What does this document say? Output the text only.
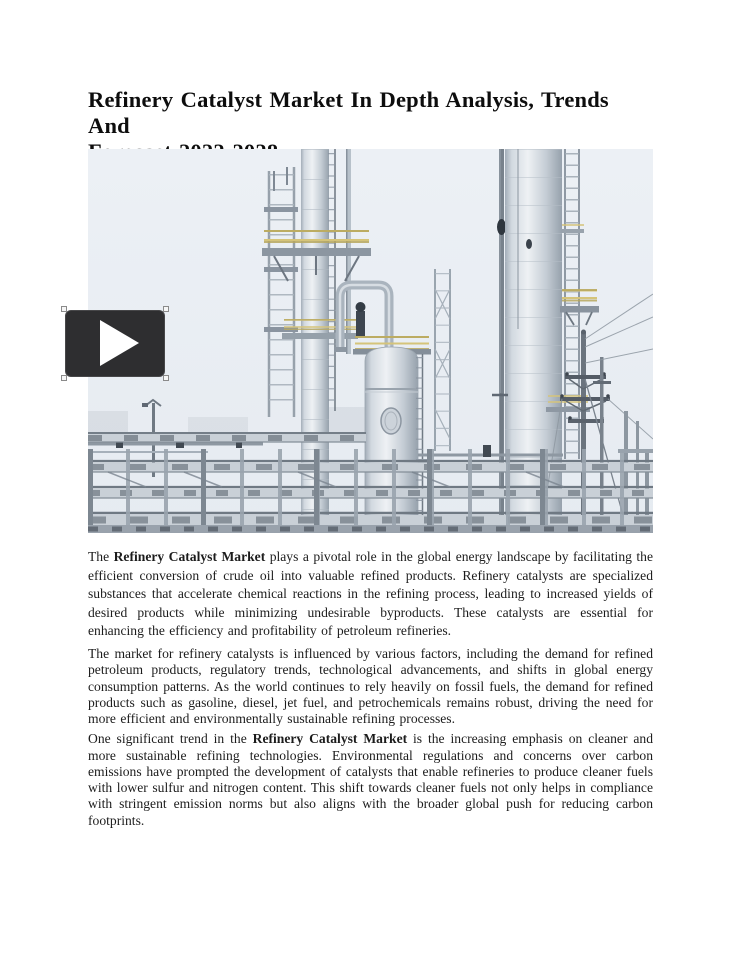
Refinery Catalyst Market In Depth Analysis, Trends And

The Refinery Catalyst Market plays a pivotal role in the global energy landscape by facilitating the efficient conversion of crude oil into valuable refined products. Refinery catalysts are specialized substances that accelerate chemical reactions in the refining process, leading to increased yields of desired products while minimizing undesirable byproducts. These catalysts are essential for enhancing the efficiency and profitability of petroleum refineries.

The market for refinery catalysts is influenced by various factors, including the demand for refined petroleum products, regulatory trends, technological advancements, and shifts in global energy consumption patterns. As the world continues to rely heavily on fossil fuels, the demand for refined products such as gasoline, diesel, jet fuel, and petrochemicals remains robust, driving the need for more efficient and environmentally sustainable refining processes.

One significant trend in the Refinery Catalyst Market is the increasing emphasis on cleaner and more sustainable refining technologies. Environmental regulations and concerns over carbon emissions have prompted the development of catalysts that enable refineries to produce cleaner fuels with lower sulfur and nitrogen content. This shift towards cleaner fuels not only helps in compliance with stringent emission norms but also aligns with the broader global push for reducing carbon footprints.
